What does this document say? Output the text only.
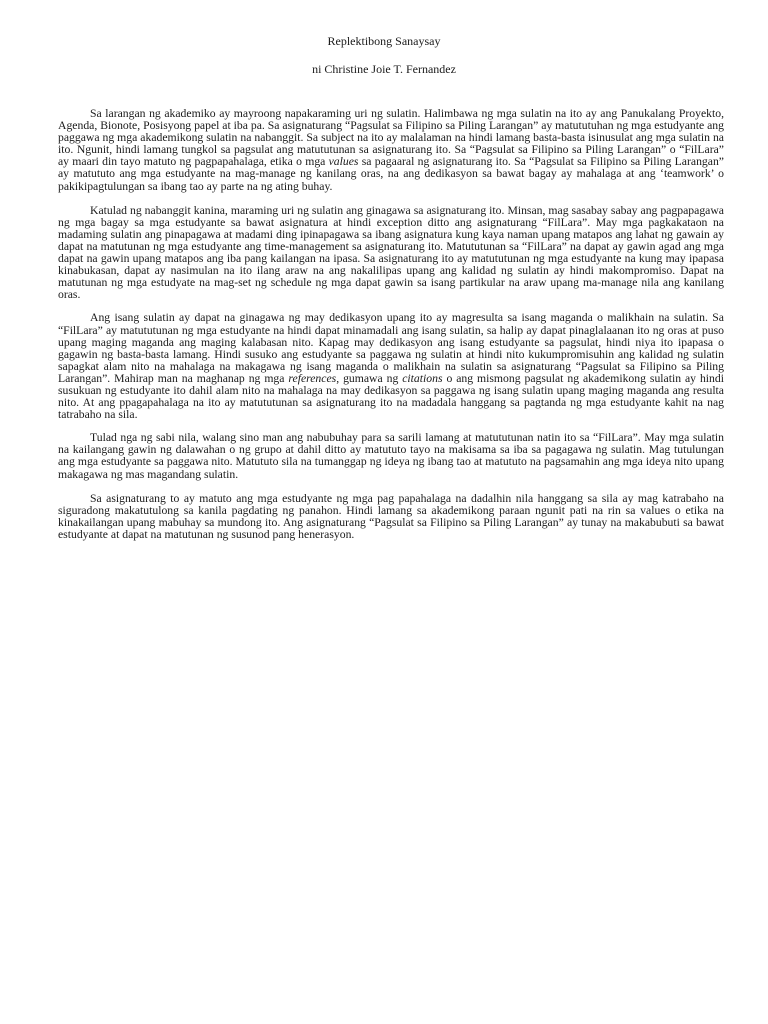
Replektibong Sanaysay

ni Christine Joie T. Fernandez

Sa larangan ng akademiko ay mayroong napakaraming uri ng sulatin. Halimbawa ng mga sulatin na ito ay ang Panukalang Proyekto, Agenda, Bionote, Posisyong papel at iba pa. Sa asignaturang “Pagsulat sa Filipino sa Piling Larangan” ay matututuhan ng mga estudyante ang paggawa ng mga akademikong sulatin na nabanggit. Sa subject na ito ay malalaman na hindi lamang basta-basta isinusulat ang mga sulatin na ito. Ngunit, hindi lamang tungkol sa pagsulat ang matututunan sa asignaturang ito. Sa “Pagsulat sa Filipino sa Piling Larangan” o “FilLara” ay maari din tayo matuto ng pagpapahalaga, etika o mga values sa pagaaral ng asignaturang ito. Sa “Pagsulat sa Filipino sa Piling Larangan” ay matututo ang mga estudyante na mag-manage ng kanilang oras, na ang dedikasyon sa bawat bagay ay mahalaga at ang ‘teamwork’ o pakikipagtulungan sa ibang tao ay parte na ng ating buhay.

Katulad ng nabanggit kanina, maraming uri ng sulatin ang ginagawa sa asignaturang ito. Minsan, mag sasabay sabay ang pagpapagawa ng mga bagay sa mga estudyante sa bawat asignatura at hindi exception ditto ang asignaturang “FilLara”. May mga pagkakataon na madaming sulatin ang pinapagawa at madami ding ipinapagawa sa ibang asignatura kung kaya naman upang matapos ang lahat ng gawain ay dapat na matutunan ng mga estudyante ang time-management sa asignaturang ito. Matututunan sa “FilLara” na dapat ay gawin agad ang mga dapat na gawin upang matapos ang iba pang kailangan na ipasa. Sa asignaturang ito ay matututunan ng mga estudyante na kung may ipapasa kinabukasan, dapat ay nasimulan na ito ilang araw na ang nakalilipas upang ang kalidad ng sulatin ay hindi makompromiso. Dapat na matutunan ng mga estudyate na mag-set ng schedule ng mga dapat gawin sa isang partikular na araw upang ma-manage nila ang kanilang oras.

Ang isang sulatin ay dapat na ginagawa ng may dedikasyon upang ito ay magresulta sa isang maganda o malikhain na sulatin. Sa “FilLara” ay matututunan ng mga estudyante na hindi dapat minamadali ang isang sulatin, sa halip ay dapat pinaglalaanan ito ng oras at puso upang maging maganda ang maging kalabasan nito. Kapag may dedikasyon ang isang estudyante sa pagsulat, hindi niya ito ipapasa o gagawin ng basta-basta lamang. Hindi susuko ang estudyante sa paggawa ng sulatin at hindi nito kukumpromisuhin ang kalidad ng sulatin sapagkat alam nito na mahalaga na makagawa ng isang maganda o malikhain na sulatin sa asignaturang “Pagsulat sa Filipino sa Piling Larangan”. Mahirap man na maghanap ng mga references, gumawa ng citations o ang mismong pagsulat ng akademikong sulatin ay hindi susukuan ng estudyante ito dahil alam nito na mahalaga na may dedikasyon sa paggawa ng isang sulatin upang maging maganda ang resulta nito. At ang ppagapahalaga na ito ay matututunan sa asignaturang ito na madadala hanggang sa pagtanda ng mga estudyante kahit na nag tatrabaho na sila.

Tulad nga ng sabi nila, walang sino man ang nabubuhay para sa sarili lamang at matututunan natin ito sa “FilLara”. May mga sulatin na kailangang gawin ng dalawahan o ng grupo at dahil ditto ay matututo tayo na makisama sa iba sa pagagawa ng sulatin. Mag tutulungan ang mga estudyante sa paggawa nito. Matututo sila na tumanggap ng ideya ng ibang tao at matututo na pagsamahin ang mga ideya nito upang makagawa ng mas magandang sulatin.

Sa asignaturang to ay matuto ang mga estudyante ng mga pag papahalaga na dadalhin nila hanggang sa sila ay mag katrabaho na siguradong makatutulong sa kanila pagdating ng panahon. Hindi lamang sa akademikong paraan ngunit pati na rin sa values o etika na kinakailangan upang mabuhay sa mundong ito. Ang asignaturang “Pagsulat sa Filipino sa Piling Larangan” ay tunay na makabubuti sa bawat estudyante at dapat na matutunan ng susunod pang henerasyon.
